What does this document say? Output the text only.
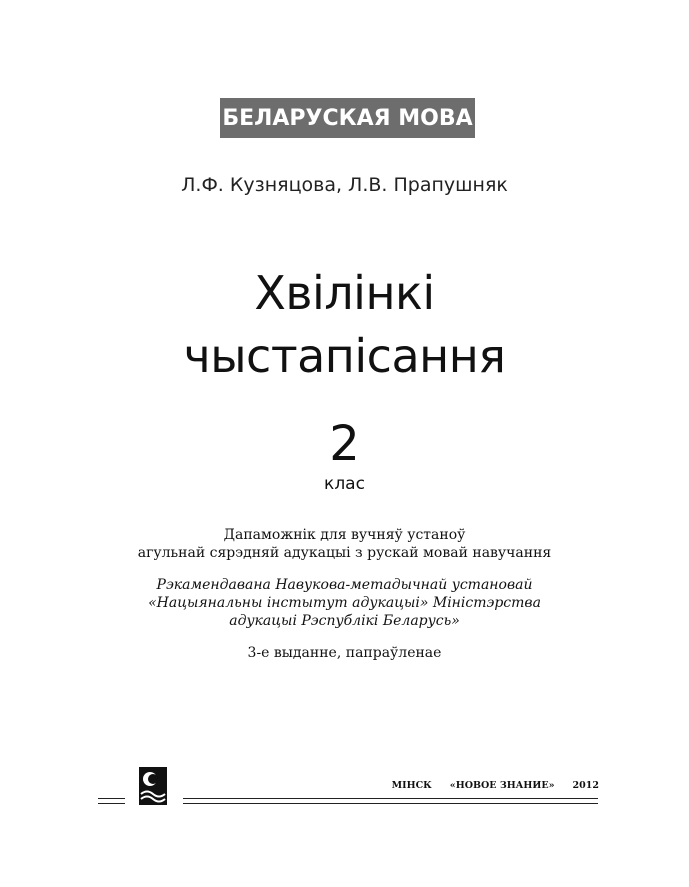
БЕЛАРУСКАЯ МОВА
Л.Ф. Кузняцова, Л.В. Прапушняк
Хвілінкі
чыстапісання
2
клас
Дапаможнік для вучняў устаноў
агульнай сярэдняй адукацыі з рускай мовай навучання
Рэкамендавана Навукова-метадычнай установай
«Нацыянальны інстытут адукацыі» Міністэрства
адукацыі Рэспублікі Беларусь»
3-е выданне, папраўленае
МІНСК «НОВОЕ ЗНАНИЕ» 2012
